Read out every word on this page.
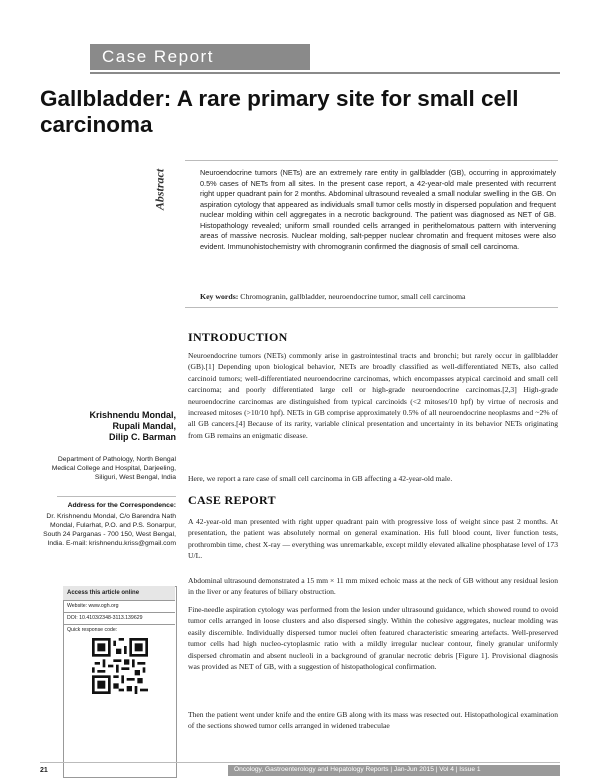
Case Report
Gallbladder: A rare primary site for small cell carcinoma
Abstract	Neuroendocrine tumors (NETs) are an extremely rare entity in gallbladder (GB), occurring in approximately 0.5% cases of NETs from all sites. In the present case report, a 42-year-old male presented with recurrent right upper quadrant pain for 2 months. Abdominal ultrasound revealed a small nodular swelling in the GB. On aspiration cytology that appeared as individuals small tumor cells mostly in dispersed population and frequent nuclear molding within cell aggregates in a necrotic background. The patient was diagnosed as NET of GB. Histopathology revealed; uniform small rounded cells arranged in perithelomatous pattern with intervening areas of massive necrosis. Nuclear molding, salt-pepper nuclear chromatin and frequent mitoses were also evident. Immunohistochemistry with chromogranin confirmed the diagnosis of small cell carcinoma.
Key words: Chromogranin, gallbladder, neuroendocrine tumor, small cell carcinoma
Krishnendu Mondal,
Rupali Mandal,
Dilip C. Barman
Department of Pathology, North Bengal Medical College and Hospital, Darjeeling, Siliguri, West Bengal, India
Address for the Correspondence:
Dr. Krishnendu Mondal, C/o Barendra Nath Mondal, Fularhat, P.O. and P.S. Sonarpur, South 24 Parganas - 700 150, West Bengal, India. E-mail: krishnendu.kriss@gmail.com
Access this article online
Website: www.ogh.org
DOI: 10.4103/2348-3113.139629
Quick response code:
INTRODUCTION
Neuroendocrine tumors (NETs) commonly arise in gastrointestinal tracts and bronchi; but rarely occur in gallbladder (GB).[1] Depending upon biological behavior, NETs are broadly classified as well-differentiated NETs, also called carcinoid tumors; well-differentiated neuroendocrine carcinomas, which encompasses atypical carcinoid and small cell carcinoma; and poorly differentiated large cell or high-grade neuroendocrine carcinomas.[2,3] High-grade neuroendocrine carcinomas are distinguished from typical carcinoids (<2 mitoses/10 hpf) by virtue of necrosis and increased mitoses (>10/10 hpf). NETs in GB comprise approximately 0.5% of all neuroendocrine neoplasms and ~2% of all GB cancers.[4] Because of its rarity, variable clinical presentation and uncertainty in its behavior NETs originating from GB remains an enigmatic disease.
Here, we report a rare case of small cell carcinoma in GB affecting a 42-year-old male.
CASE REPORT
A 42-year-old man presented with right upper quadrant pain with progressive loss of weight since past 2 months. At presentation, the patient was absolutely normal on general examination. His full blood count, liver function tests, prothrombin time, chest X-ray — everything was unremarkable, except mildly elevated alkaline phosphatase level of 173 U/L.
Abdominal ultrasound demonstrated a 15 mm × 11 mm mixed echoic mass at the neck of GB without any residual lesion in the liver or any features of biliary obstruction.
Fine-needle aspiration cytology was performed from the lesion under ultrasound guidance, which showed round to ovoid tumor cells arranged in loose clusters and also dispersed singly. Within the cohesive aggregates, nuclear molding was easily discernible. Individually dispersed tumor nuclei often featured characteristic smearing artefacts. Well-preserved tumor cells had high nucleo-cytoplasmic ratio with a mildly irregular nuclear contour, finely granular uniformly dispersed chromatin and absent nucleoli in a background of granular necrotic debris [Figure 1]. Provisional diagnosis was provided as NET of GB, with a suggestion of histopathological confirmation.
Then the patient went under knife and the entire GB along with its mass was resected out. Histopathological examination of the sections showed tumor cells arranged in widened trabeculae
21	Oncology, Gastroenterology and Hepatology Reports | Jan-Jun 2015 | Vol 4 | Issue 1
